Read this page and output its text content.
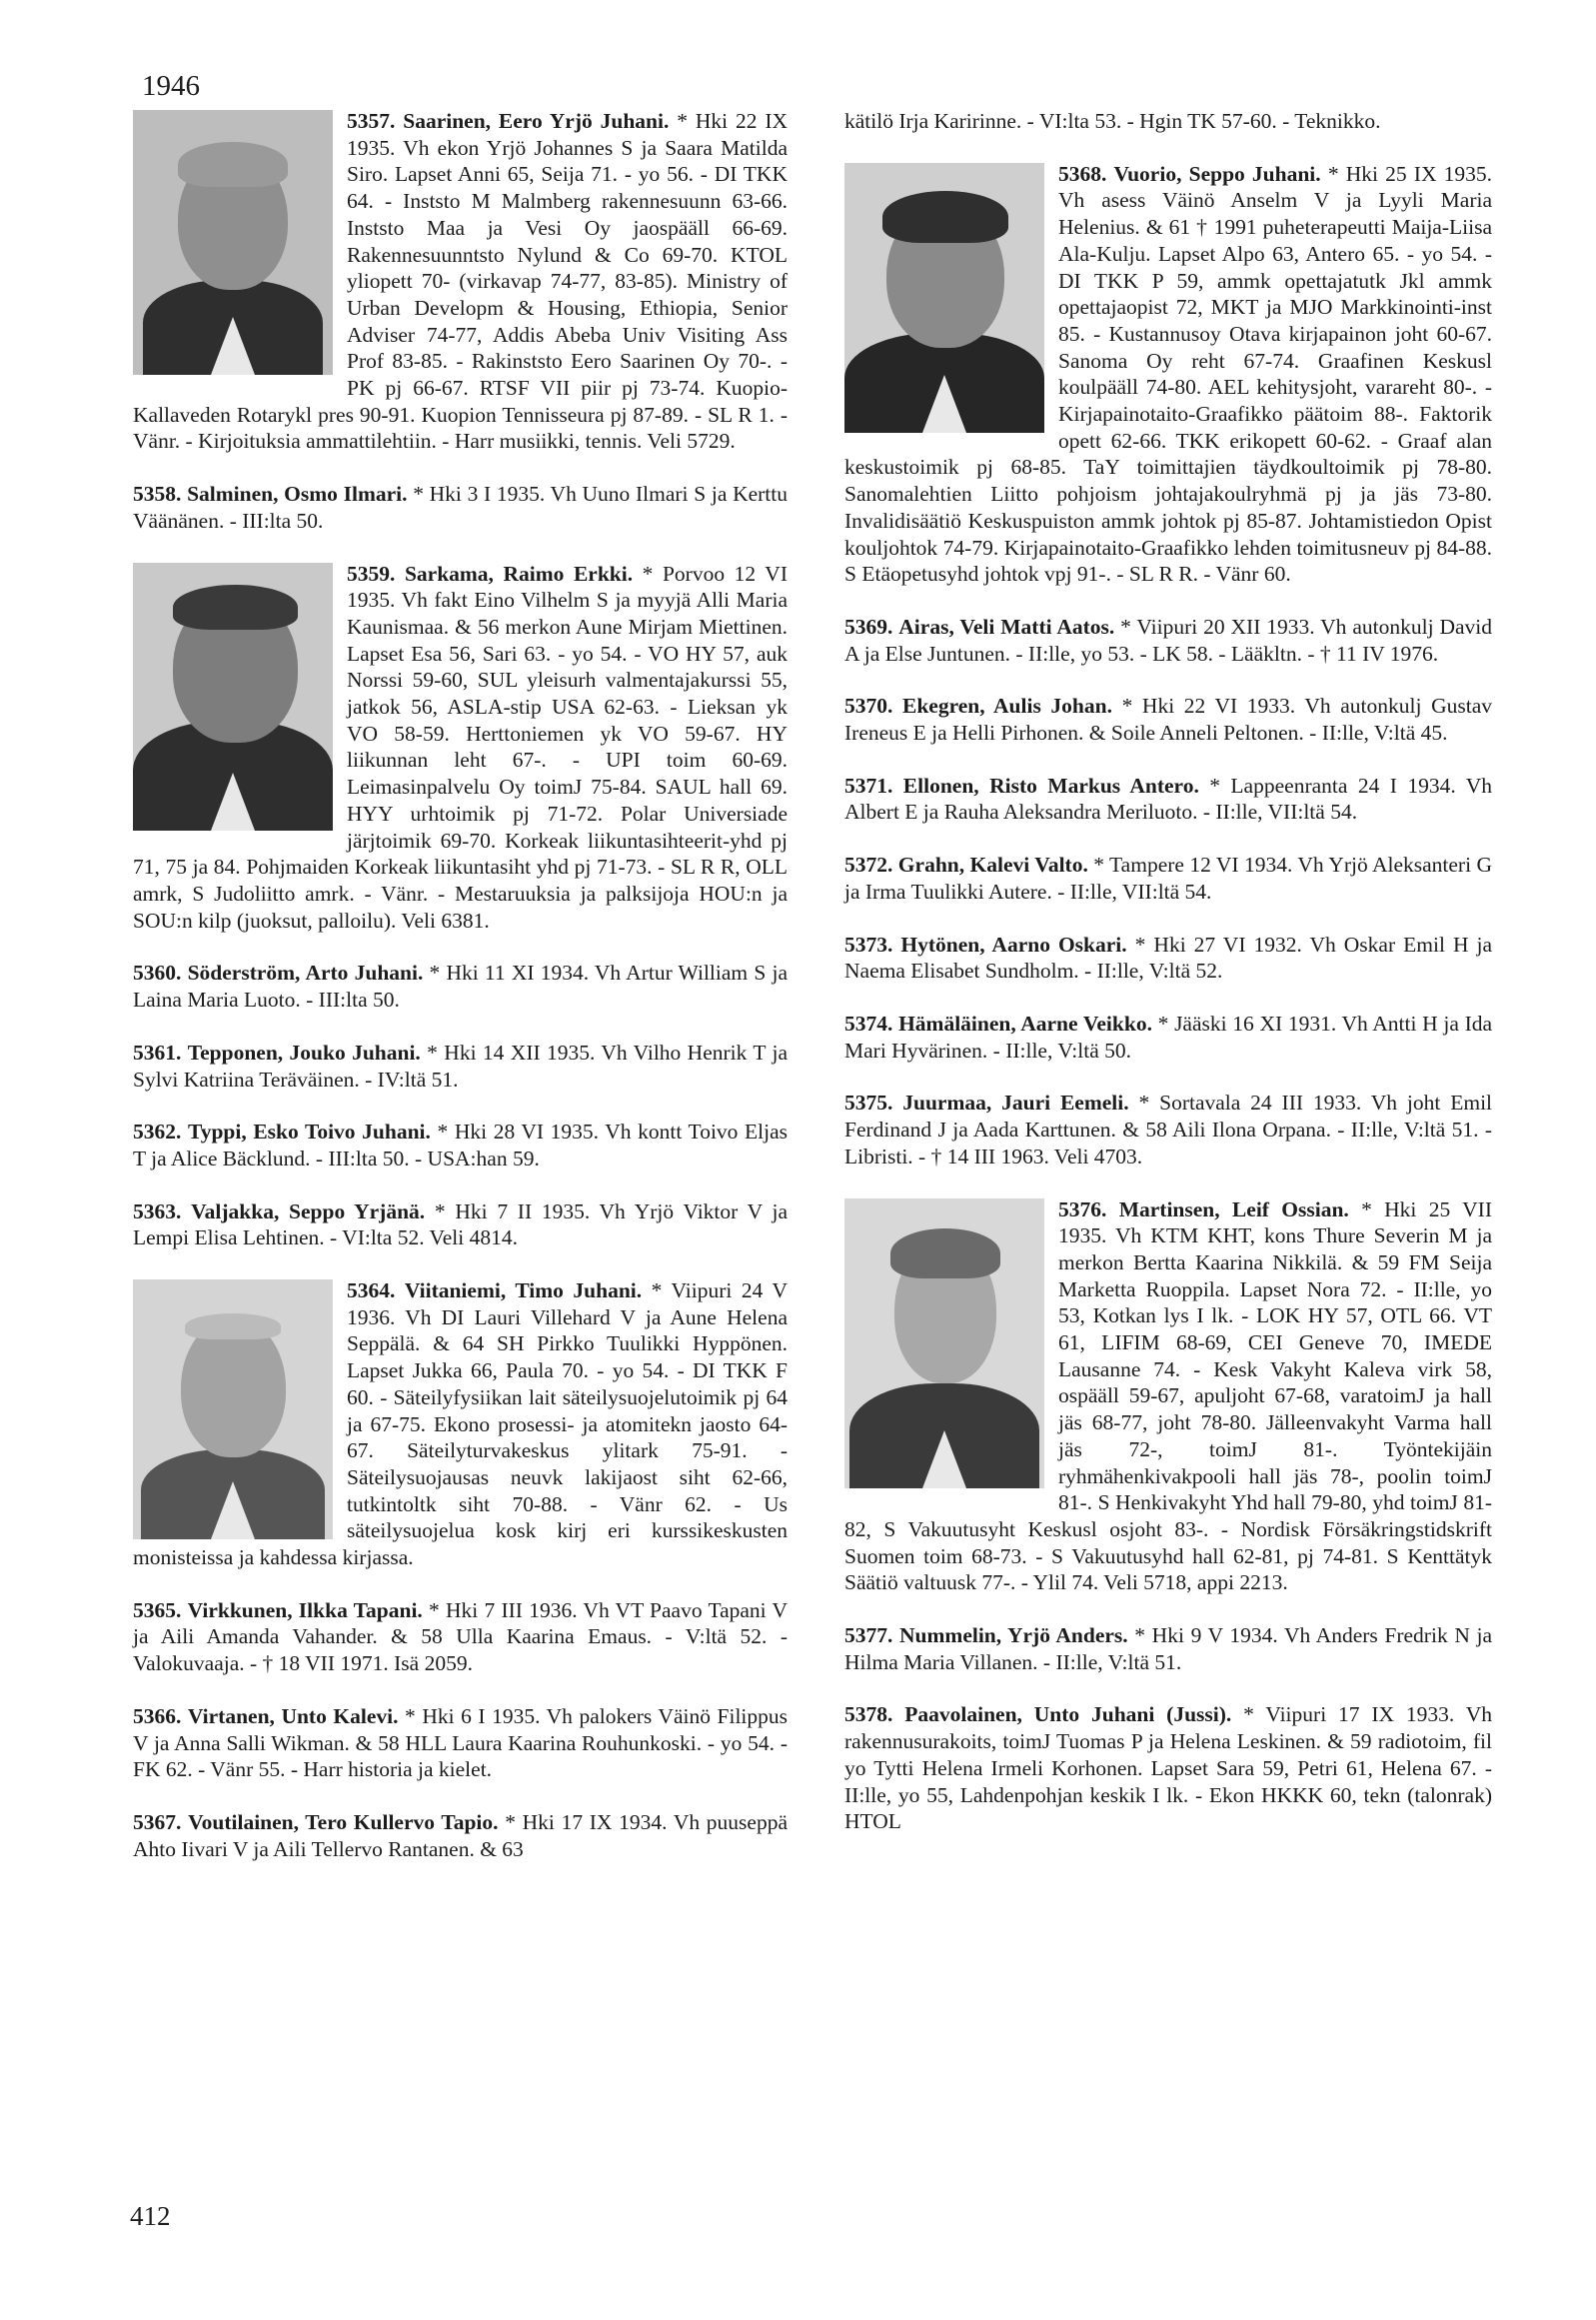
1946
5357. Saarinen, Eero Yrjö Juhani. * Hki 22 IX 1935. Vh ekon Yrjö Johannes S ja Saara Matilda Siro. Lapset Anni 65, Seija 71. - yo 56. - DI TKK 64. - Inststo M Malmberg rakennesuunn 63-66. Inststo Maa ja Vesi Oy jaospääll 66-69. Rakennesuunntsto Nylund & Co 69-70. KTOL yliopett 70- (virkavap 74-77, 83-85). Ministry of Urban Developm & Housing, Ethiopia, Senior Adviser 74-77, Addis Abeba Univ Visiting Ass Prof 83-85. - Rakinststo Eero Saarinen Oy 70-. - PK pj 66-67. RTSF VII piir pj 73-74. Kuopio-Kallaveden Rotarykl pres 90-91. Kuopion Tennisseura pj 87-89. - SL R 1. - Vänr. - Kirjoituksia ammattilehtiin. - Harr musiikki, tennis. Veli 5729.
5358. Salminen, Osmo Ilmari. * Hki 3 I 1935. Vh Uuno Ilmari S ja Kerttu Väänänen. - III:lta 50.
5359. Sarkama, Raimo Erkki. * Porvoo 12 VI 1935. Vh fakt Eino Vilhelm S ja myyjä Alli Maria Kaunismaa. & 56 merkon Aune Mirjam Miettinen. Lapset Esa 56, Sari 63. - yo 54. - VO HY 57, auk Norssi 59-60, SUL yleisurh valmentajakurssi 55, jatkok 56, ASLA-stip USA 62-63. - Lieksan yk VO 58-59. Herttoniemen yk VO 59-67. HY liikunnan leht 67-. - UPI toim 60-69. Leimasinpalvelu Oy toimJ 75-84. SAUL hall 69. HYY urhtoimik pj 71-72. Polar Universiade järjtoimik 69-70. Korkeak liikuntasihteerit-yhd pj 71, 75 ja 84. Pohjmaiden Korkeak liikuntasiht yhd pj 71-73. - SL R R, OLL amrk, S Judoliitto amrk. - Vänr. - Mestaruuksia ja palksijoja HOU:n ja SOU:n kilp (juoksut, palloilu). Veli 6381.
5360. Söderström, Arto Juhani. * Hki 11 XI 1934. Vh Artur William S ja Laina Maria Luoto. - III:lta 50.
5361. Tepponen, Jouko Juhani. * Hki 14 XII 1935. Vh Vilho Henrik T ja Sylvi Katriina Teräväinen. - IV:ltä 51.
5362. Typpi, Esko Toivo Juhani. * Hki 28 VI 1935. Vh kontt Toivo Eljas T ja Alice Bäcklund. - III:lta 50. - USA:han 59.
5363. Valjakka, Seppo Yrjänä. * Hki 7 II 1935. Vh Yrjö Viktor V ja Lempi Elisa Lehtinen. - VI:lta 52. Veli 4814.
5364. Viitaniemi, Timo Juhani. * Viipuri 24 V 1936. Vh DI Lauri Villehard V ja Aune Helena Seppälä. & 64 SH Pirkko Tuulikki Hyppönen. Lapset Jukka 66, Paula 70. - yo 54. - DI TKK F 60. - Säteilyfysiikan lait säteilysuojelutoimik pj 64 ja 67-75. Ekono prosessi- ja atomitekn jaosto 64-67. Säteilyturvakeskus ylitark 75-91. - Säteilysuojausas neuvk lakijaost siht 62-66, tutkintoltk siht 70-88. - Vänr 62. - Us säteilysuojelua kosk kirj eri kurssikeskusten monisteissa ja kahdessa kirjassa.
5365. Virkkunen, Ilkka Tapani. * Hki 7 III 1936. Vh VT Paavo Tapani V ja Aili Amanda Vahander. & 58 Ulla Kaarina Emaus. - V:ltä 52. - Valokuvaaja. - † 18 VII 1971. Isä 2059.
5366. Virtanen, Unto Kalevi. * Hki 6 I 1935. Vh palokers Väinö Filippus V ja Anna Salli Wikman. & 58 HLL Laura Kaarina Rouhunkoski. - yo 54. - FK 62. - Vänr 55. - Harr historia ja kielet.
5367. Voutilainen, Tero Kullervo Tapio. * Hki 17 IX 1934. Vh puuseppä Ahto Iivari V ja Aili Tellervo Rantanen. & 63
kätilö Irja Karirinne. - VI:lta 53. - Hgin TK 57-60. - Teknikko.
5368. Vuorio, Seppo Juhani. * Hki 25 IX 1935. Vh asess Väinö Anselm V ja Lyyli Maria Helenius. & 61 † 1991 puheterapeutti Maija-Liisa Ala-Kulju. Lapset Alpo 63, Antero 65. - yo 54. - DI TKK P 59, ammk opettajatutk Jkl ammk opettajaopist 72, MKT ja MJO Markkinointi-inst 85. - Kustannusoy Otava kirjapainon joht 60-67. Sanoma Oy reht 67-74. Graafinen Keskusl koulpääll 74-80. AEL kehitysjoht, varareht 80-. - Kirjapainotaito-Graafikko päätoim 88-. Faktorik opett 62-66. TKK erikopett 60-62. - Graaf alan keskustoimik pj 68-85. TaY toimittajien täydkoultoimik pj 78-80. Sanomalehtien Liitto pohjoism johtajakoulryhmä pj ja jäs 73-80. Invalidisäätiö Keskuspuiston ammk johtok pj 85-87. Johtamistiedon Opist kouljohtok 74-79. Kirjapainotaito-Graafikko lehden toimitusneuv pj 84-88. S Etäopetusyhd johtok vpj 91-. - SL R R. - Vänr 60.
5369. Airas, Veli Matti Aatos. * Viipuri 20 XII 1933. Vh autonkulj David A ja Else Juntunen. - II:lle, yo 53. - LK 58. - Lääkltn. - † 11 IV 1976.
5370. Ekegren, Aulis Johan. * Hki 22 VI 1933. Vh autonkulj Gustav Ireneus E ja Helli Pirhonen. & Soile Anneli Peltonen. - II:lle, V:ltä 45.
5371. Ellonen, Risto Markus Antero. * Lappeenranta 24 I 1934. Vh Albert E ja Rauha Aleksandra Meriluoto. - II:lle, VII:ltä 54.
5372. Grahn, Kalevi Valto. * Tampere 12 VI 1934. Vh Yrjö Aleksanteri G ja Irma Tuulikki Autere. - II:lle, VII:ltä 54.
5373. Hytönen, Aarno Oskari. * Hki 27 VI 1932. Vh Oskar Emil H ja Naema Elisabet Sundholm. - II:lle, V:ltä 52.
5374. Hämäläinen, Aarne Veikko. * Jääski 16 XI 1931. Vh Antti H ja Ida Mari Hyvärinen. - II:lle, V:ltä 50.
5375. Juurmaa, Jauri Eemeli. * Sortavala 24 III 1933. Vh joht Emil Ferdinand J ja Aada Karttunen. & 58 Aili Ilona Orpana. - II:lle, V:ltä 51. - Libristi. - † 14 III 1963. Veli 4703.
5376. Martinsen, Leif Ossian. * Hki 25 VII 1935. Vh KTM KHT, kons Thure Severin M ja merkon Bertta Kaarina Nikkilä. & 59 FM Seija Marketta Ruoppila. Lapset Nora 72. - II:lle, yo 53, Kotkan lys I lk. - LOK HY 57, OTL 66. VT 61, LIFIM 68-69, CEI Geneve 70, IMEDE Lausanne 74. - Kesk Vakyht Kaleva virk 58, ospääll 59-67, apuljoht 67-68, varatoimJ ja hall jäs 68-77, joht 78-80. Jälleenvakyht Varma hall jäs 72-, toimJ 81-. Työntekijäin ryhmähenkivakpooli hall jäs 78-, poolin toimJ 81-. S Henkivakyht Yhd hall 79-80, yhd toimJ 81-82, S Vakuutusyht Keskusl osjoht 83-. - Nordisk Försäkringstidskrift Suomen toim 68-73. - S Vakuutusyhd hall 62-81, pj 74-81. S Kenttätyk Säätiö valtuusk 77-. - Ylil 74. Veli 5718, appi 2213.
5377. Nummelin, Yrjö Anders. * Hki 9 V 1934. Vh Anders Fredrik N ja Hilma Maria Villanen. - II:lle, V:ltä 51.
5378. Paavolainen, Unto Juhani (Jussi). * Viipuri 17 IX 1933. Vh rakennusurakoits, toimJ Tuomas P ja Helena Leskinen. & 59 radiotoim, fil yo Tytti Helena Irmeli Korhonen. Lapset Sara 59, Petri 61, Helena 67. - II:lle, yo 55, Lahdenpohjan keskik I lk. - Ekon HKKK 60, tekn (talonrak) HTOL
412
